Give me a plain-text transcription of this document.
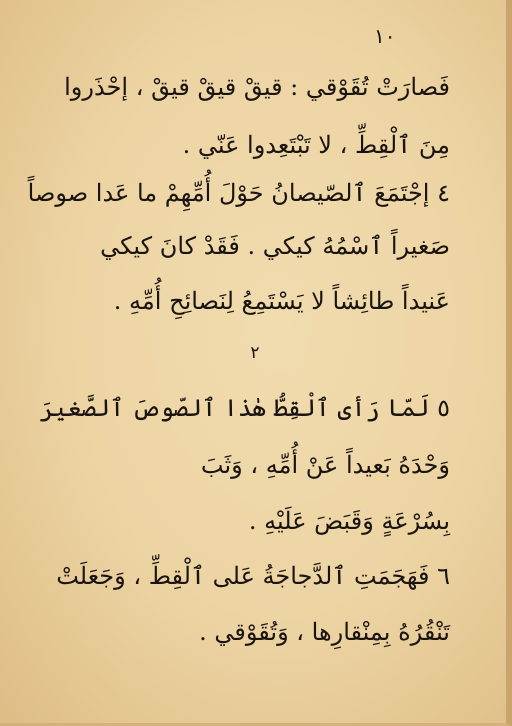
١٠
فَصارَتْ تُقَوْقي : قيقْ قيقْ قيقْ ، إحْذَروا
مِنَ ٱلْقِطِّ ، لا تَبْتَعِدوا عَنّي .
٤ إجْتَمَعَ ٱلصّيصانُ حَوْلَ أُمِّهِمْ ما عَدا صوصاً
صَغيراً ٱسْمُهُ كيكي . فَقَدْ كانَ كيكي
عَنيداً طائِشاً لا يَسْتَمِعُ لِنَصائِحِ أُمِّهِ .
٢
٥ لَمّا رَأى ٱلْقِطُّ هٰذا ٱلصّوصَ ٱلصَّغيرَ
وَحْدَهُ بَعيداً عَنْ أُمِّهِ ، وَثَبَ
بِسُرْعَةٍ وَقَبَضَ عَلَيْهِ .
٦ فَهَجَمَتِ ٱلدَّجاجَةُ عَلى ٱلْقِطِّ ، وَجَعَلَتْ
تَنْقُرُهُ بِمِنْقارِها ، وَتُقَوْقي .
